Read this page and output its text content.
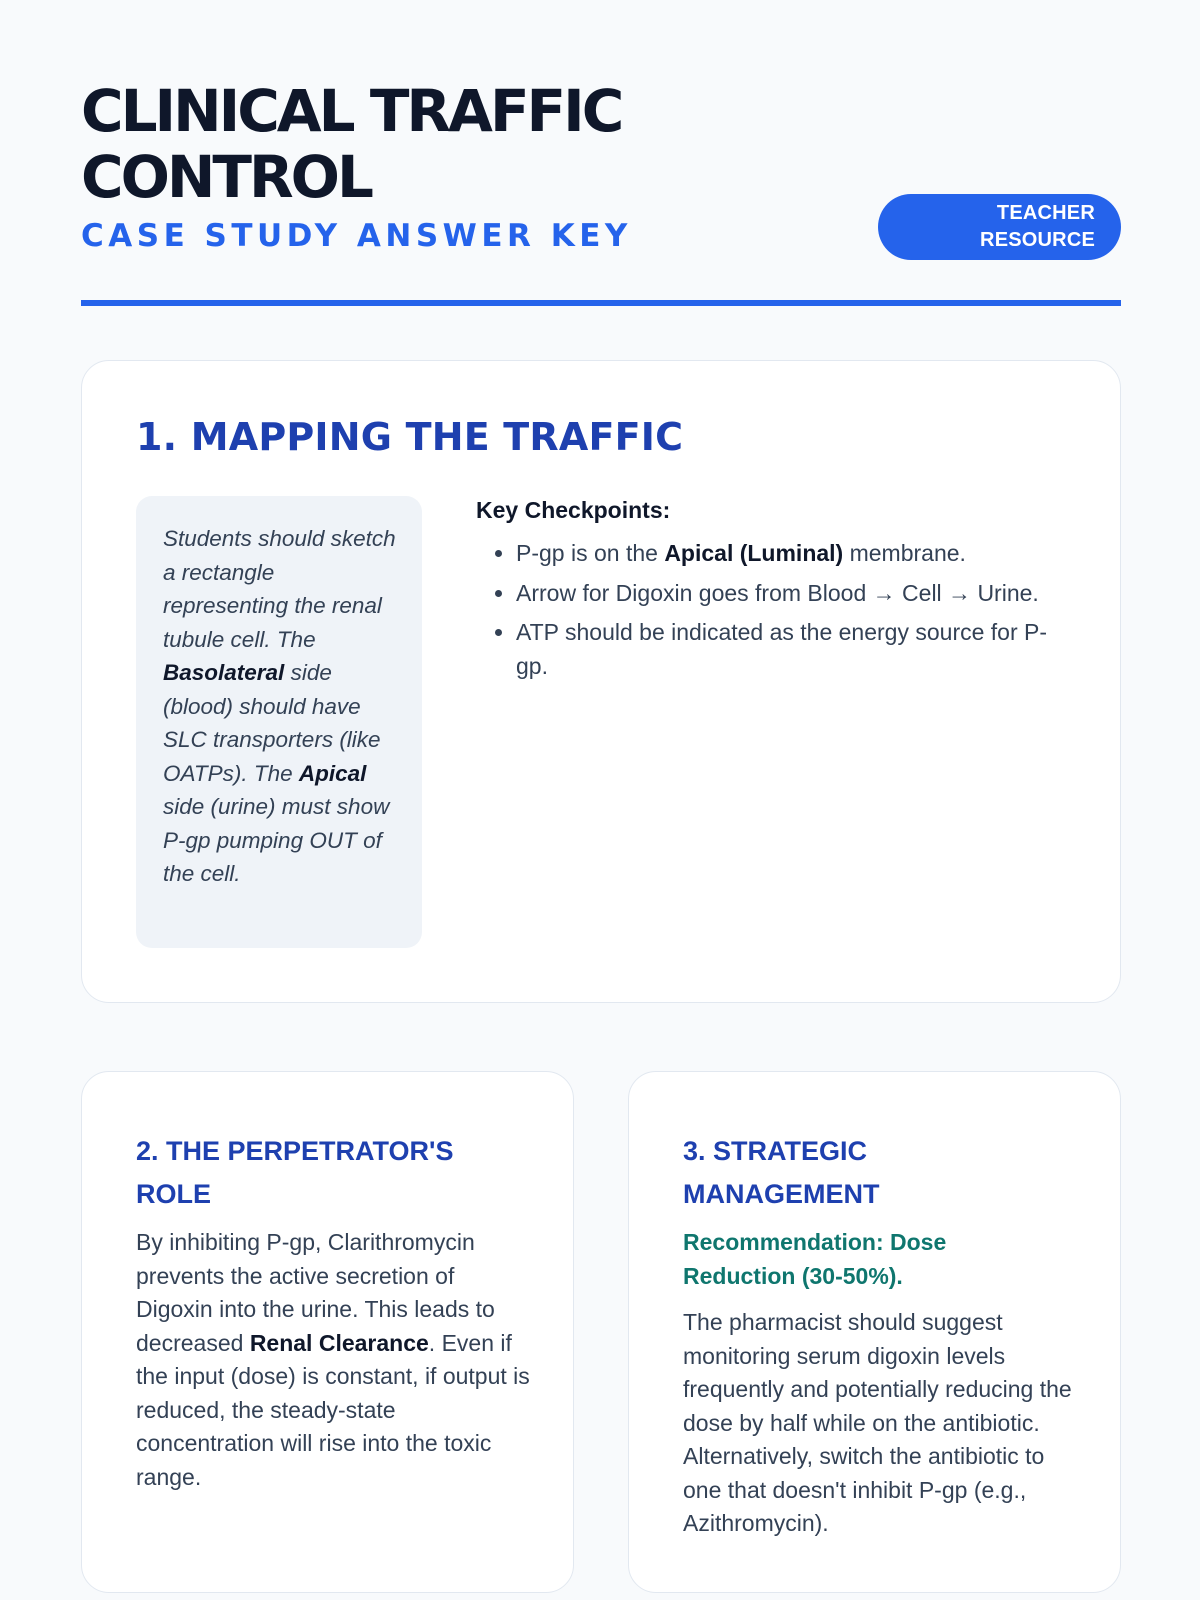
CLINICAL TRAFFIC CONTROL
CASE STUDY ANSWER KEY
TEACHER
RESOURCE
1. MAPPING THE TRAFFIC
Students should sketch a rectangle representing the renal tubule cell. The Basolateral side (blood) should have SLC transporters (like OATPs). The Apical side (urine) must show P-gp pumping OUT of the cell.

Key Checkpoints:

• P-gp is on the Apical (Luminal) membrane.
• Arrow for Digoxin goes from Blood → Cell → Urine.
• ATP should be indicated as the energy source for P-gp.
2. THE PERPETRATOR'S ROLE

By inhibiting P-gp, Clarithromycin prevents the active secretion of Digoxin into the urine. This leads to decreased Renal Clearance. Even if the input (dose) is constant, if output is reduced, the steady-state concentration will rise into the toxic range.

3. STRATEGIC MANAGEMENT

Recommendation: Dose Reduction (30-50%).

The pharmacist should suggest monitoring serum digoxin levels frequently and potentially reducing the dose by half while on the antibiotic. Alternatively, switch the antibiotic to one that doesn't inhibit P-gp (e.g., Azithromycin).
